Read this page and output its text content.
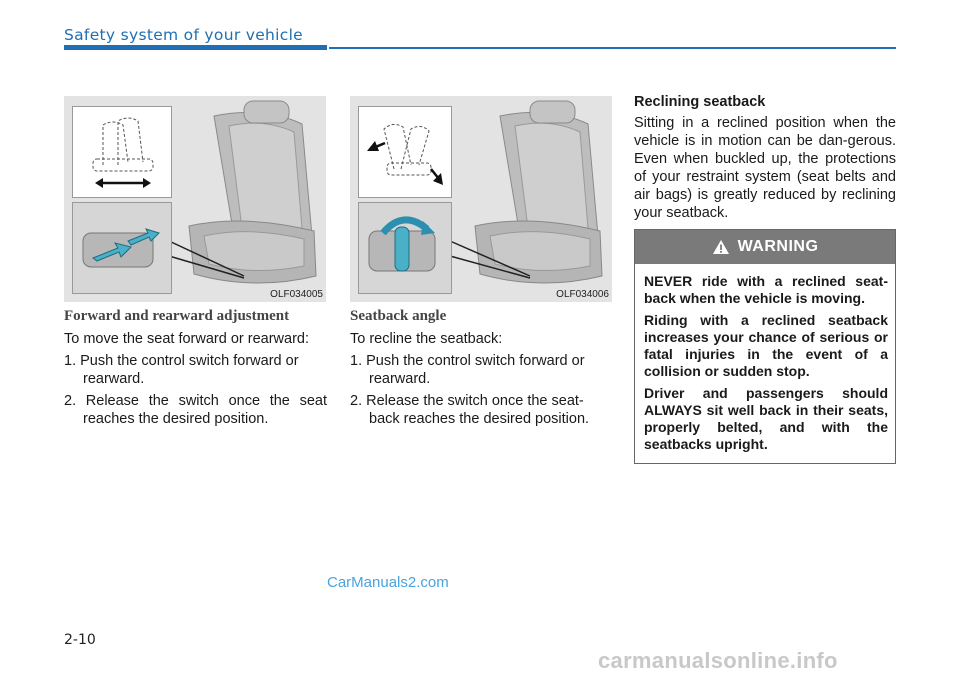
Safety system of your vehicle
OLF034005	OLF034006
Forward and rearward adjustment
To move the seat forward or rearward:
1. Push the control switch forward or rearward.
2. Release the switch once the seat reaches the desired position.
Seatback angle
To recline the seatback:
1. Push the control switch forward or rearward.
2. Release the switch once the seat-back reaches the desired position.
Reclining seatback
Sitting in a reclined position when the vehicle is in motion can be dan-gerous. Even when buckled up, the protections of your restraint system (seat belts and air bags) is greatly reduced by reclining your seatback.
WARNING

NEVER ride with a reclined seat-back when the vehicle is moving.

Riding with a reclined seatback increases your chance of serious or fatal injuries in the event of a collision or sudden stop.

Driver and passengers should ALWAYS sit well back in their seats, properly belted, and with the seatbacks upright.

CarManuals2.com
2-10
carmanualsonline.info
